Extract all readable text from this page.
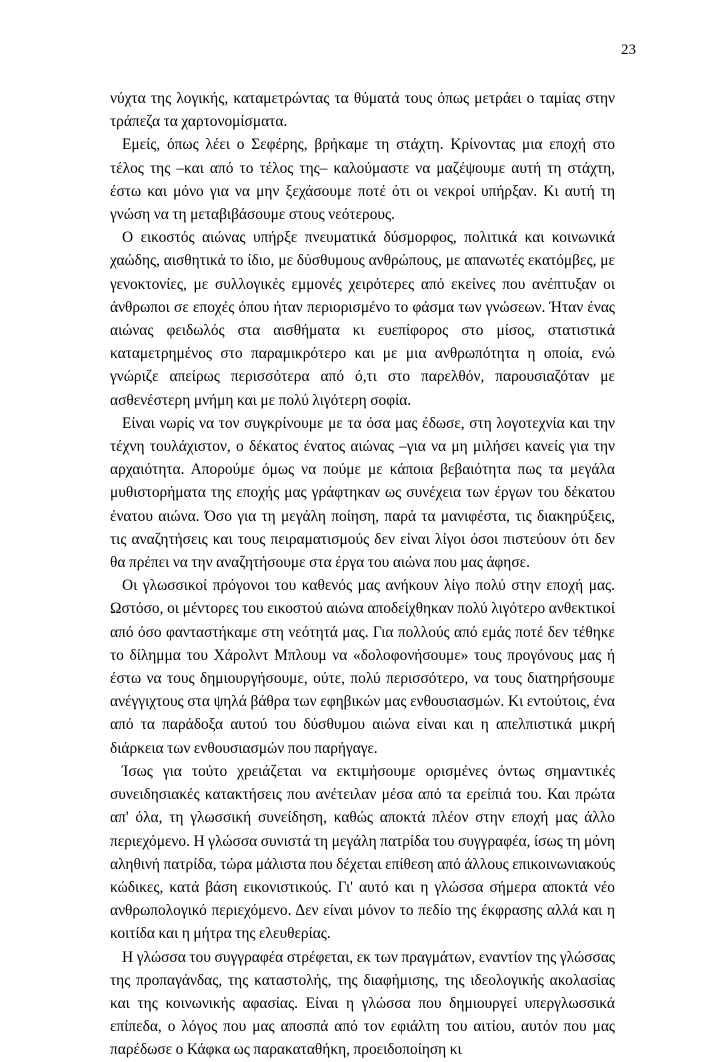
23

νύχτα της λογικής, καταμετρώντας τα θύματά τους όπως μετράει ο ταμίας στην τράπεζα τα χαρτονομίσματα.

Εμείς, όπως λέει ο Σεφέρης, βρήκαμε τη στάχτη. Κρίνοντας μια εποχή στο τέλος της –και από το τέλος της– καλούμαστε να μαζέψουμε αυτή τη στάχτη, έστω και μόνο για να μην ξεχάσουμε ποτέ ότι οι νεκροί υπήρξαν. Κι αυτή τη γνώση να τη μεταβιβάσουμε στους νεότερους.

Ο εικοστός αιώνας υπήρξε πνευματικά δύσμορφος, πολιτικά και κοινωνικά χαώδης, αισθητικά το ίδιο, με δύσθυμους ανθρώπους, με απανωτές εκατόμβες, με γενοκτονίες, με συλλογικές εμμονές χειρότερες από εκείνες που ανέπτυξαν οι άνθρωποι σε εποχές όπου ήταν περιορισμένο το φάσμα των γνώσεων. Ήταν ένας αιώνας φειδωλός στα αισθήματα κι ευεπίφορος στο μίσος, στατιστικά καταμετρημένος στο παραμικρότερο και με μια ανθρωπότητα η οποία, ενώ γνώριζε απείρως περισσότερα από ό,τι στο παρελθόν, παρουσιαζόταν με ασθενέστερη μνήμη και με πολύ λιγότερη σοφία.

Είναι νωρίς να τον συγκρίνουμε με τα όσα μας έδωσε, στη λογοτεχνία και την τέχνη τουλάχιστον, ο δέκατος ένατος αιώνας –για να μη μιλήσει κανείς για την αρχαιότητα. Απορούμε όμως να πούμε με κάποια βεβαιότητα πως τα μεγάλα μυθιστορήματα της εποχής μας γράφτηκαν ως συνέχεια των έργων του δέκατου ένατου αιώνα. Όσο για τη μεγάλη ποίηση, παρά τα μανιφέστα, τις διακηρύξεις, τις αναζητήσεις και τους πειραματισμούς δεν είναι λίγοι όσοι πιστεύουν ότι δεν θα πρέπει να την αναζητήσουμε στα έργα του αιώνα που μας άφησε.

Οι γλωσσικοί πρόγονοι του καθενός μας ανήκουν λίγο πολύ στην εποχή μας. Ωστόσο, οι μέντορες του εικοστού αιώνα αποδείχθηκαν πολύ λιγότερο ανθεκτικοί από όσο φανταστήκαμε στη νεότητά μας. Για πολλούς από εμάς ποτέ δεν τέθηκε το δίλημμα του Χάρολντ Μπλουμ να «δολοφονήσουμε» τους προγόνους μας ή έστω να τους δημιουργήσουμε, ούτε, πολύ περισσότερο, να τους διατηρήσουμε ανέγγιχτους στα ψηλά βάθρα των εφηβικών μας ενθουσιασμών. Κι εντούτοις, ένα από τα παράδοξα αυτού του δύσθυμου αιώνα είναι και η απελπιστικά μικρή διάρκεια των ενθουσιασμών που παρήγαγε.

Ίσως για τούτο χρειάζεται να εκτιμήσουμε ορισμένες όντως σημαντικές συνειδησιακές κατακτήσεις που ανέτειλαν μέσα από τα ερείπιά του. Και πρώτα απ' όλα, τη γλωσσική συνείδηση, καθώς αποκτά πλέον στην εποχή μας άλλο περιεχόμενο. Η γλώσσα συνιστά τη μεγάλη πατρίδα του συγγραφέα, ίσως τη μόνη αληθινή πατρίδα, τώρα μάλιστα που δέχεται επίθεση από άλλους επικοινωνιακούς κώδικες, κατά βάση εικονιστικούς. Γι' αυτό και η γλώσσα σήμερα αποκτά νέο ανθρωπολογικό περιεχόμενο. Δεν είναι μόνον το πεδίο της έκφρασης αλλά και η κοιτίδα και η μήτρα της ελευθερίας.

Η γλώσσα του συγγραφέα στρέφεται, εκ των πραγμάτων, εναντίον της γλώσσας της προπαγάνδας, της καταστολής, της διαφήμισης, της ιδεολογικής ακολασίας και της κοινωνικής αφασίας. Είναι η γλώσσα που δημιουργεί υπεργλωσσικά επίπεδα, ο λόγος που μας αποσπά από τον εφιάλτη του αιτίου, αυτόν που μας παρέδωσε ο Κάφκα ως παρακαταθήκη, προειδοποίηση κι
